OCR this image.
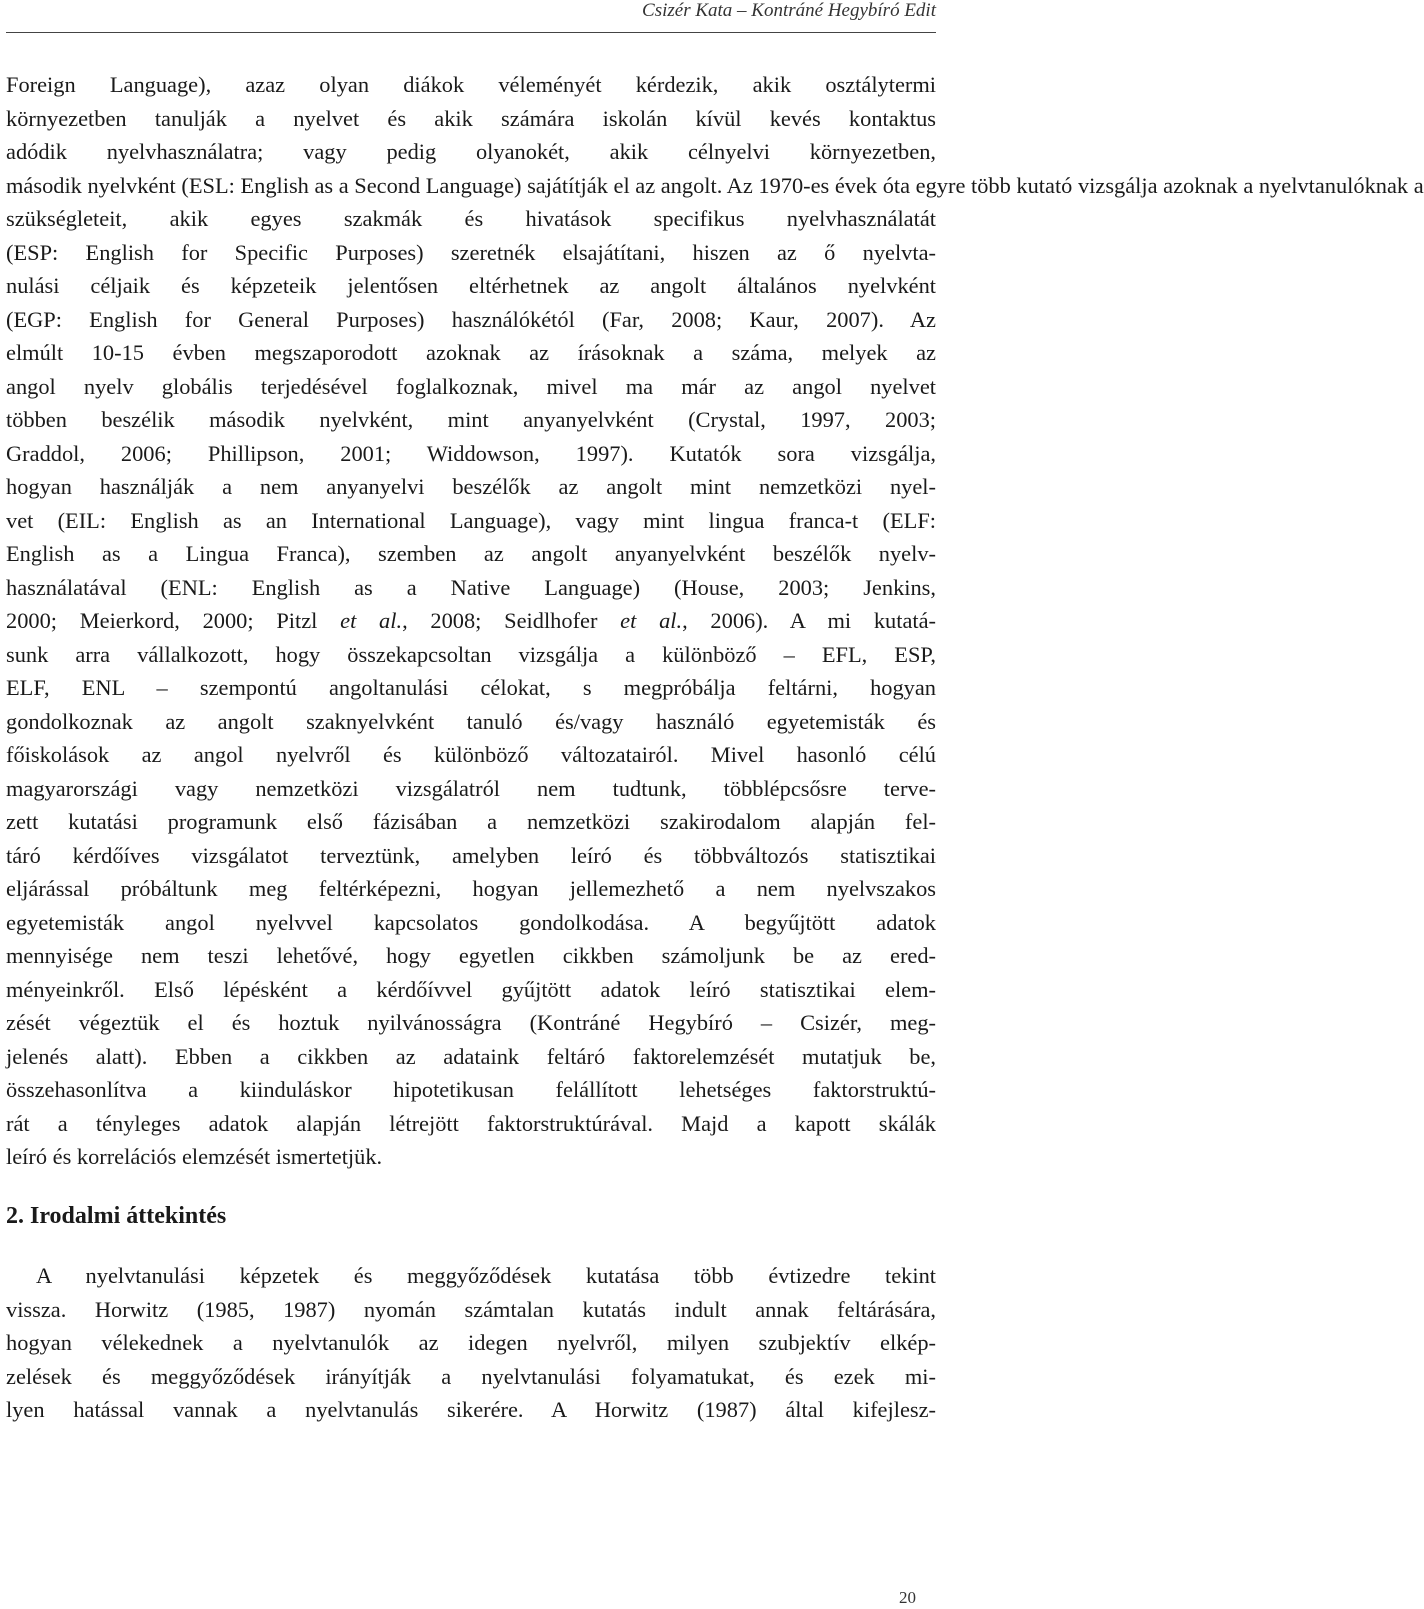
Csizér Kata – Kontráné Hegybíró Edit
Foreign Language), azaz olyan diákok véleményét kérdezik, akik osztálytermi
környezetben tanulják a nyelvet és akik számára iskolán kívül kevés kontaktus
adódik nyelvhasználatra; vagy pedig olyanokét, akik célnyelvi környezetben,
második nyelvként (ESL: English as a Second Language) sajátítják el az angolt. Az 1970-es évek óta egyre több kutató vizsgálja azoknak a nyelvtanulóknak a
szükségleteit, akik egyes szakmák és hivatások specifikus nyelvhasználatát
(ESP: English for Specific Purposes) szeretnék elsajátítani, hiszen az ő nyelvta-
nulási céljaik és képzeteik jelentősen eltérhetnek az angolt általános nyelvként
(EGP: English for General Purposes) használókétól (Far, 2008; Kaur, 2007). Az
elmúlt 10-15 évben megszaporodott azoknak az írásoknak a száma, melyek az
angol nyelv globális terjedésével foglalkoznak, mivel ma már az angol nyelvet
többen beszélik második nyelvként, mint anyanyelvként (Crystal, 1997, 2003;
Graddol, 2006; Phillipson, 2001; Widdowson, 1997). Kutatók sora vizsgálja,
hogyan használják a nem anyanyelvi beszélők az angolt mint nemzetközi nyel-
vet (EIL: English as an International Language), vagy mint lingua franca-t (ELF:
English as a Lingua Franca), szemben az angolt anyanyelvként beszélők nyelv-
használatával (ENL: English as a Native Language) (House, 2003; Jenkins,
2000; Meierkord, 2000; Pitzl et al., 2008; Seidlhofer et al., 2006). A mi kutatá-
sunk arra vállalkozott, hogy összekapcsoltan vizsgálja a különböző – EFL, ESP,
ELF, ENL – szempontú angoltanulási célokat, s megpróbálja feltárni, hogyan
gondolkoznak az angolt szaknyelvként tanuló és/vagy használó egyetemisták és
főiskolások az angol nyelvről és különböző változatairól. Mivel hasonló célú
magyarországi vagy nemzetközi vizsgálatról nem tudtunk, többlépcsősre terve-
zett kutatási programunk első fázisában a nemzetközi szakirodalom alapján fel-
táró kérdőíves vizsgálatot terveztünk, amelyben leíró és többváltozós statisztikai
eljárással próbáltunk meg feltérképezni, hogyan jellemezhető a nem nyelvszakos
egyetemisták angol nyelvvel kapcsolatos gondolkodása. A begyűjtött adatok
mennyisége nem teszi lehetővé, hogy egyetlen cikkben számoljunk be az ered-
ményeinkről. Első lépésként a kérdőívvel gyűjtött adatok leíró statisztikai elem-
zését végeztük el és hoztuk nyilvánosságra (Kontráné Hegybíró – Csizér, meg-
jelenés alatt). Ebben a cikkben az adataink feltáró faktorelemzését mutatjuk be,
összehasonlítva a kiinduláskor hipotetikusan felállított lehetséges faktorstruktú-
rát a tényleges adatok alapján létrejött faktorstruktúrával. Majd a kapott skálák
leíró és korrelációs elemzését ismertetjük.
2. Irodalmi áttekintés
A nyelvtanulási képzetek és meggyőződések kutatása több évtizedre tekint
vissza. Horwitz (1985, 1987) nyomán számtalan kutatás indult annak feltárására,
hogyan vélekednek a nyelvtanulók az idegen nyelvről, milyen szubjektív elkép-
zelések és meggyőződések irányítják a nyelvtanulási folyamatukat, és ezek mi-
lyen hatással vannak a nyelvtanulás sikerére. A Horwitz (1987) által kifejlesz-
20
